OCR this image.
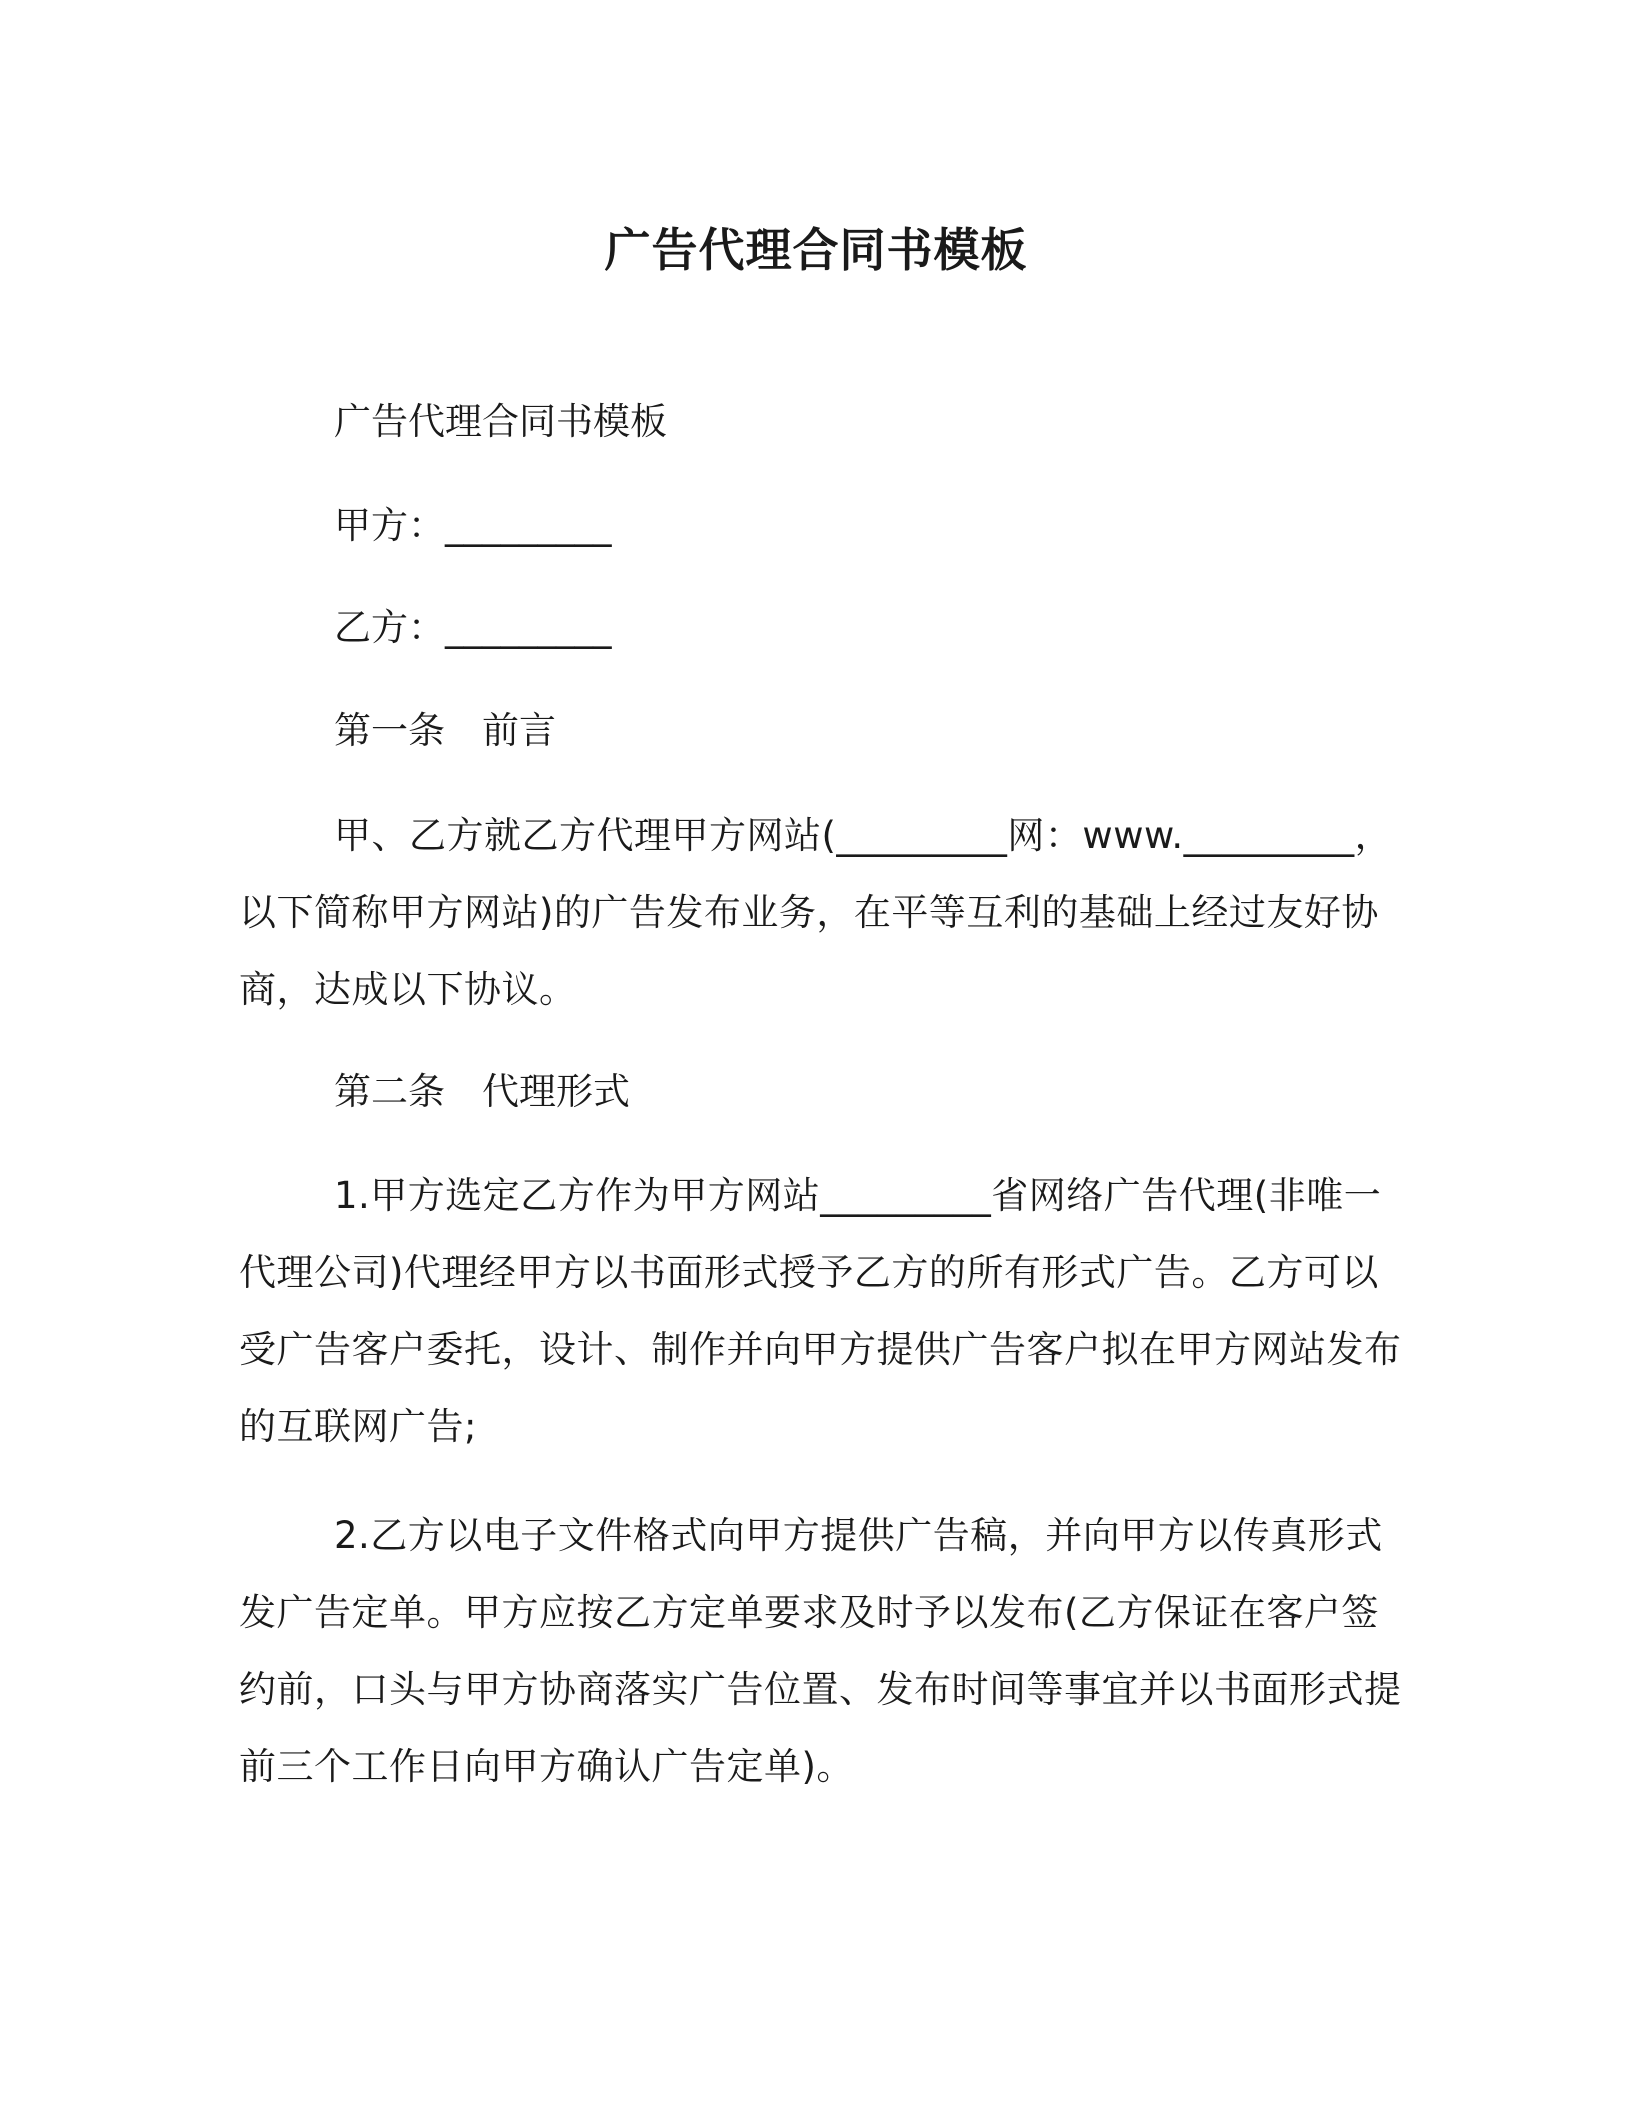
广告代理合同书模板
广告代理合同书模板
甲方：_________
乙方：_________
第一条　前言
甲、乙方就乙方代理甲方网站(_________网：www._________，以下简称甲方网站)的广告发布业务，在平等互利的基础上经过友好协商，达成以下协议。
第二条　代理形式
1.甲方选定乙方作为甲方网站_________省网络广告代理(非唯一代理公司)代理经甲方以书面形式授予乙方的所有形式广告。乙方可以受广告客户委托，设计、制作并向甲方提供广告客户拟在甲方网站发布的互联网广告;
2.乙方以电子文件格式向甲方提供广告稿，并向甲方以传真形式发广告定单。甲方应按乙方定单要求及时予以发布(乙方保证在客户签约前，口头与甲方协商落实广告位置、发布时间等事宜并以书面形式提前三个工作日向甲方确认广告定单)。
